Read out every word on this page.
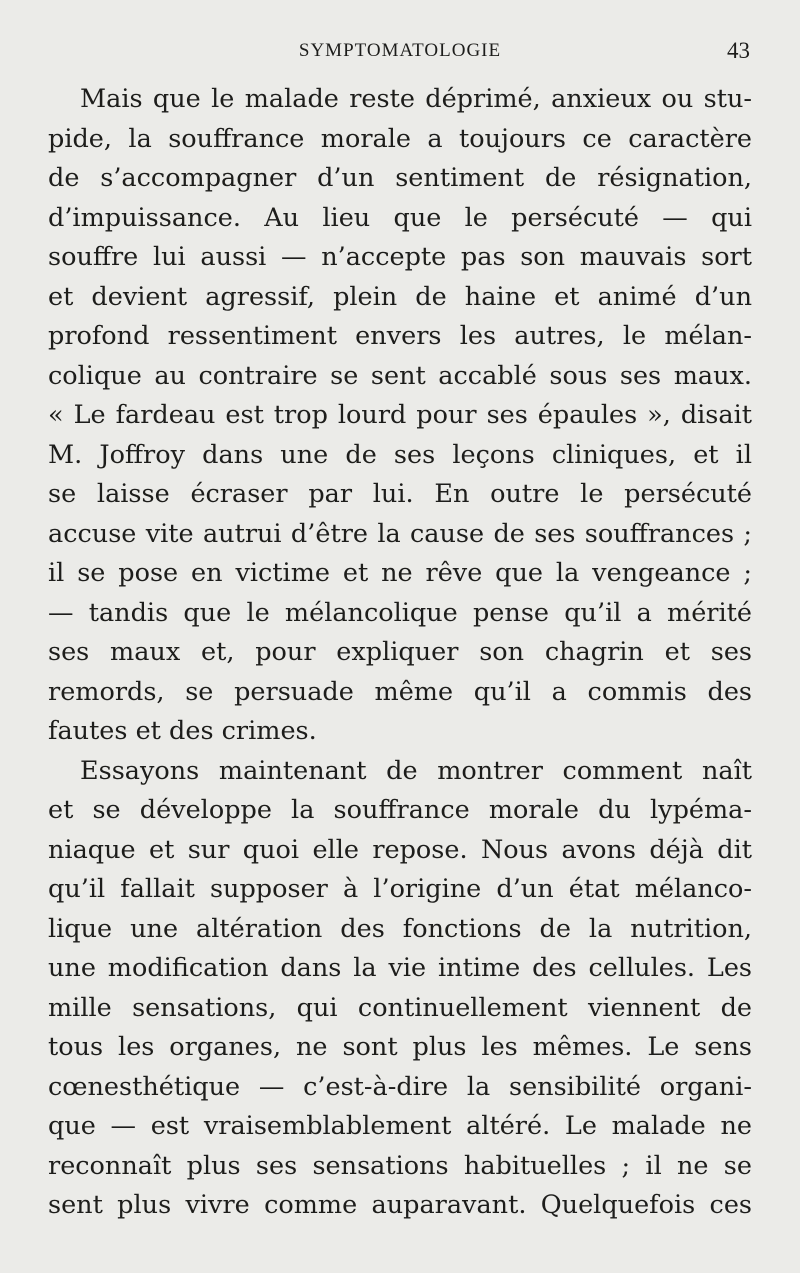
SYMPTOMATOLOGIE	43

Mais que le malade reste déprimé, anxieux ou stu-
pide, la souffrance morale a toujours ce caractère
de s’accompagner d’un sentiment de résignation,
d’impuissance. Au lieu que le persécuté — qui
souffre lui aussi — n’accepte pas son mauvais sort
et devient agressif, plein de haine et animé d’un
profond ressentiment envers les autres, le mélan-
colique au contraire se sent accablé sous ses maux.
« Le fardeau est trop lourd pour ses épaules », disait
M. Joffroy dans une de ses leçons cliniques, et il
se laisse écraser par lui. En outre le persécuté
accuse vite autrui d’être la cause de ses souffrances ;
il se pose en victime et ne rêve que la vengeance ;
— tandis que le mélancolique pense qu’il a mérité
ses maux et, pour expliquer son chagrin et ses
remords, se persuade même qu’il a commis des
fautes et des crimes.

Essayons maintenant de montrer comment naît
et se développe la souffrance morale du lypéma-
niaque et sur quoi elle repose. Nous avons déjà dit
qu’il fallait supposer à l’origine d’un état mélanco-
lique une altération des fonctions de la nutrition,
une modification dans la vie intime des cellules. Les
mille sensations, qui continuellement viennent de
tous les organes, ne sont plus les mêmes. Le sens
cœnesthétique — c’est-à-dire la sensibilité organi-
que — est vraisemblablement altéré. Le malade ne
reconnaît plus ses sensations habituelles ; il ne se
sent plus vivre comme auparavant. Quelquefois ces
